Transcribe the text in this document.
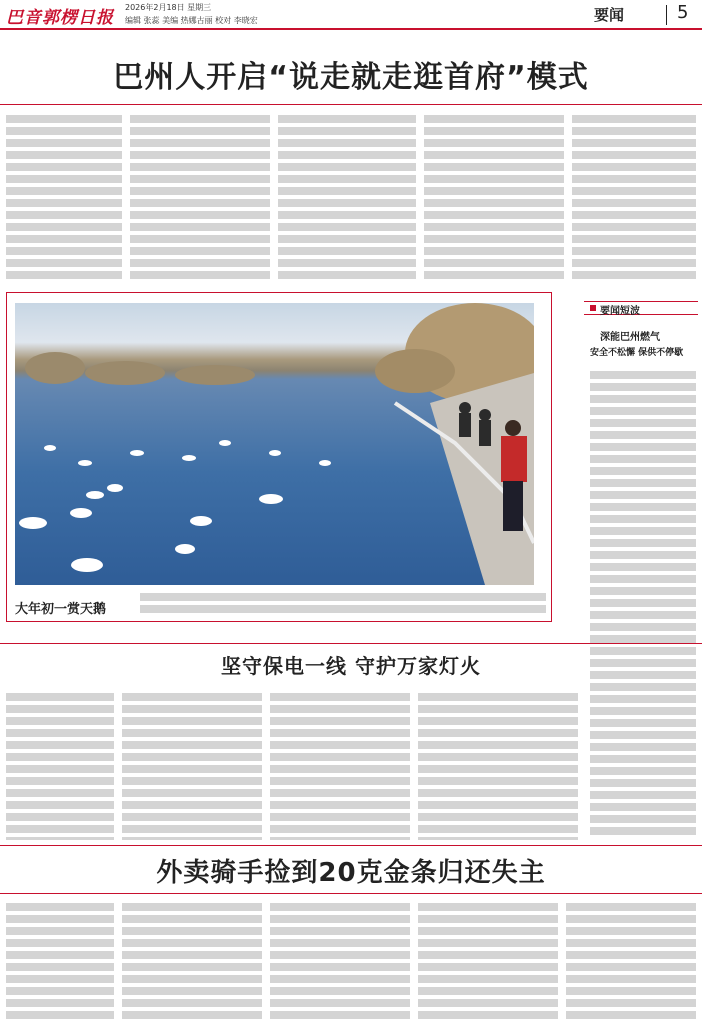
巴音郭楞日报
2026年2月18日 星期三
编辑 张蕊 美编 热娜古丽 校对 李晓宏	要闻	5
巴州人开启“说走就走逛首府”模式
大年初一赏天鹅
要闻短波
深能巴州燃气
安全不松懈 保供不停歇
坚守保电一线 守护万家灯火
外卖骑手捡到20克金条归还失主
